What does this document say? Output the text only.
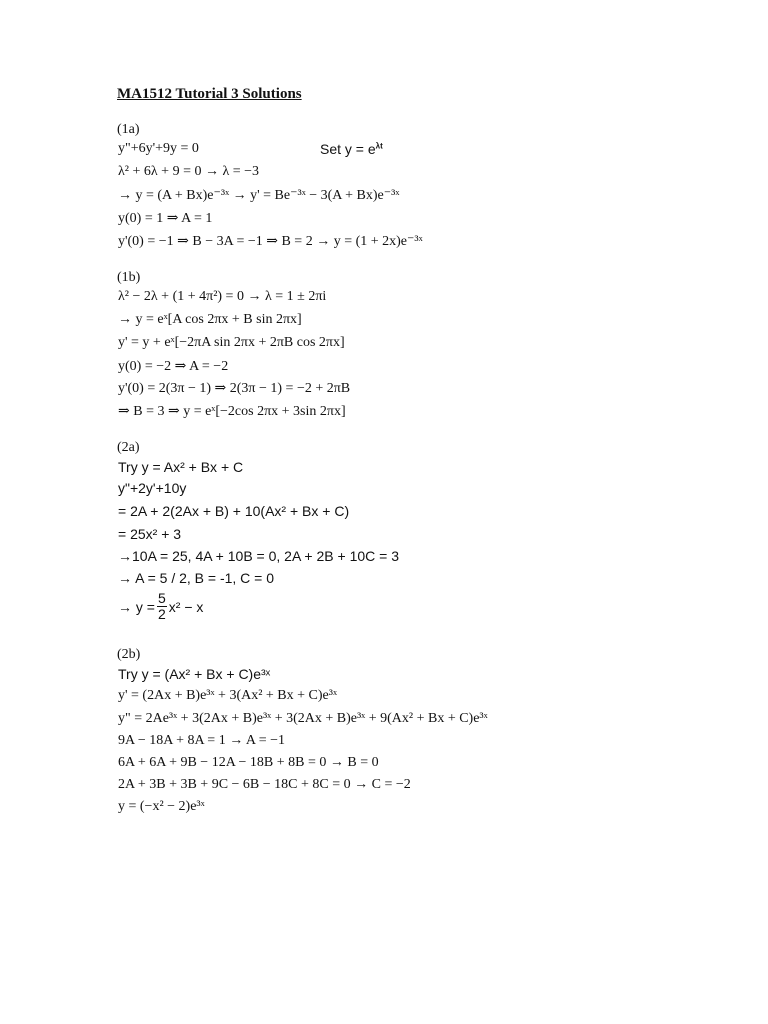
MA1512 Tutorial 3 Solutions
(1a)
y"+6y'+9y = 0	Set $y = e^{\lambda t}$
λ² + 6λ + 9 = 0 → λ = −3
→ y = (A + Bx)e⁻³ˣ → y' = Be⁻³ˣ − 3(A + Bx)e⁻³ˣ
y(0) = 1 ⇒ A = 1
y'(0) = −1 ⇒ B − 3A = −1 ⇒ B = 2 → y = (1 + 2x)e⁻³ˣ
(1b)
λ² − 2λ + (1 + 4π²) = 0 → λ = 1 ± 2πi
→ y = eˣ[A cos 2πx + B sin 2πx]
y' = y + eˣ[−2πA sin 2πx + 2πB cos 2πx]
y(0) = −2 ⇒ A = −2
y'(0) = 2(3π − 1) ⇒ 2(3π − 1) = −2 + 2πB
⇒ B = 3 ⇒ y = eˣ[−2cos 2πx + 3sin 2πx]
(2a)
Try y = Ax² + Bx + C
y"+2y'+10y
= 2A + 2(2Ax + B) + 10(Ax² + Bx + C)
= 25x² + 3
→10A = 25, 4A + 10B = 0, 2A + 2B + 10C = 3
→ A = 5 / 2, B = -1, C = 0
→ $y = \frac{5}{2} x^2 - x$
(2b)
Try y = (Ax² + Bx + C)e³ˣ
y' = (2Ax + B)e³ˣ + 3(Ax² + Bx + C)e³ˣ
y" = 2Ae³ˣ + 3(2Ax + B)e³ˣ + 3(2Ax + B)e³ˣ + 9(Ax² + Bx + C)e³ˣ
9A − 18A + 8A = 1 → A = −1
6A + 6A + 9B − 12A − 18B + 8B = 0 → B = 0
2A + 3B + 3B + 9C − 6B − 18C + 8C = 0 → C = −2
y = (−x² − 2)e³ˣ
